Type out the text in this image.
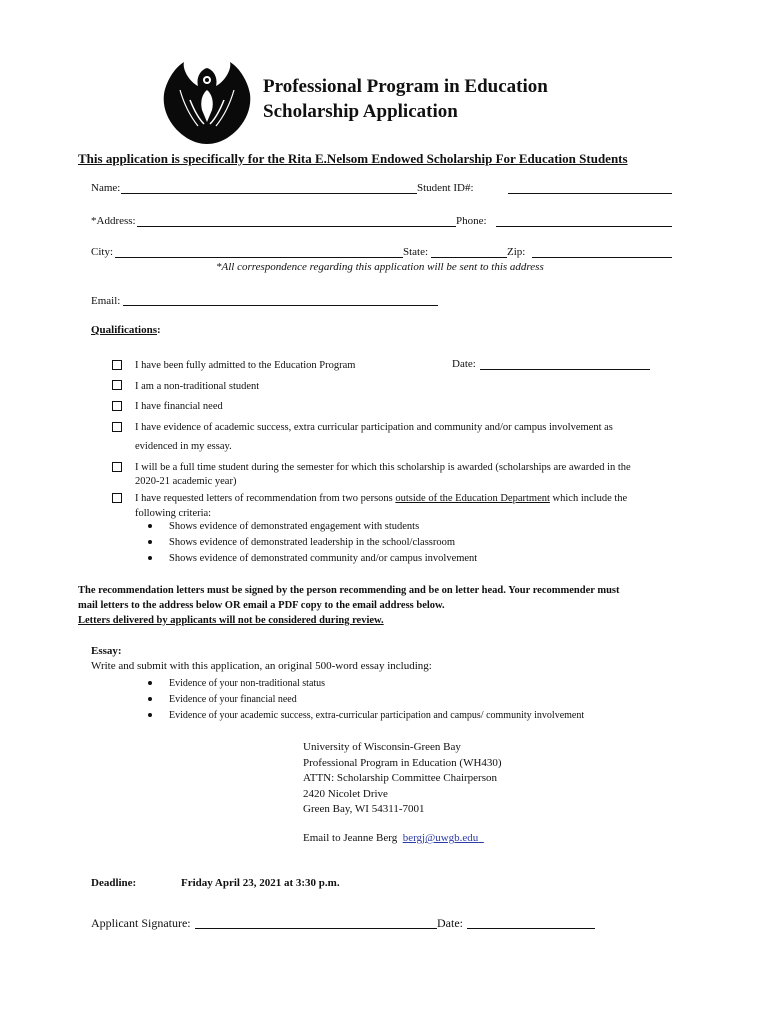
Professional Program in Education
Scholarship Application
This application is specifically for the Rita E.Nelsom Endowed Scholarship For Education Students
Name:	Student ID#:
*Address:	Phone:
City:	State:	Zip:
*All correspondence regarding this application will be sent to this address
Email:
Qualifications:
I have been fully admitted to the Education Program	Date:
I am a non-traditional student
I have financial need
I have evidence of academic success, extra curricular participation and community and/or campus involvement as
evidenced in my essay.
I will be a full time student during the semester for which this scholarship is awarded (scholarships are awarded in the
2020-21 academic year)
I have requested letters of recommendation from two persons outside of the Education Department which include the
following criteria:
Shows evidence of demonstrated engagement with students
Shows evidence of demonstrated leadership in the school/classroom
Shows evidence of demonstrated community and/or campus involvement
The recommendation letters must be signed by the person recommending and be on letter head. Your recommender must
mail letters to the address below OR email a PDF copy to the email address below.
Letters delivered by applicants will not be considered during review.
Essay:
Write and submit with this application, an original 500-word essay including:
Evidence of your non-traditional status
Evidence of your financial need
Evidence of your academic success, extra-curricular participation and campus/ community involvement
University of Wisconsin-Green Bay
Professional Program in Education (WH430)
ATTN: Scholarship Committee Chairperson
2420 Nicolet Drive
Green Bay, WI 54311-7001
Email to Jeanne Berg bergj@uwgb.edu
Deadline:	Friday April 23, 2021 at 3:30 p.m.
Applicant Signature:	Date:
